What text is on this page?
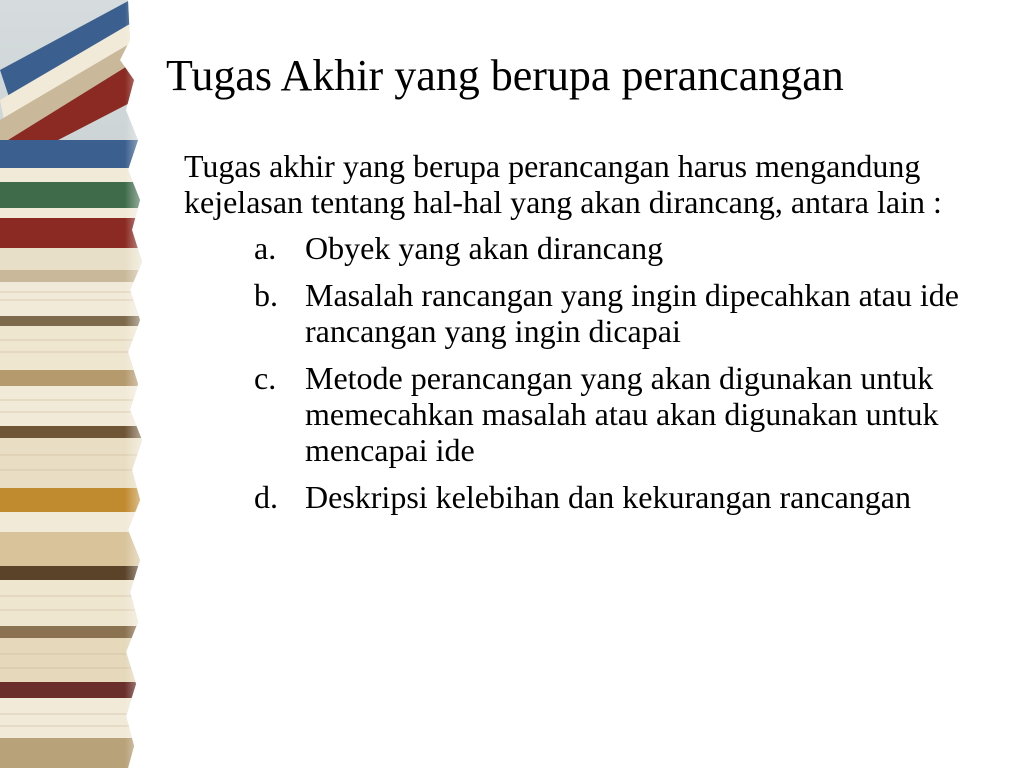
Tugas Akhir yang berupa perancangan

Tugas akhir yang berupa perancangan harus mengandung kejelasan tentang hal-hal yang akan dirancang, antara lain :

a. Obyek yang akan dirancang
b. Masalah rancangan yang ingin dipecahkan atau ide rancangan yang ingin dicapai
c. Metode perancangan yang akan digunakan untuk memecahkan masalah atau akan digunakan untuk mencapai ide
d. Deskripsi kelebihan dan kekurangan rancangan
